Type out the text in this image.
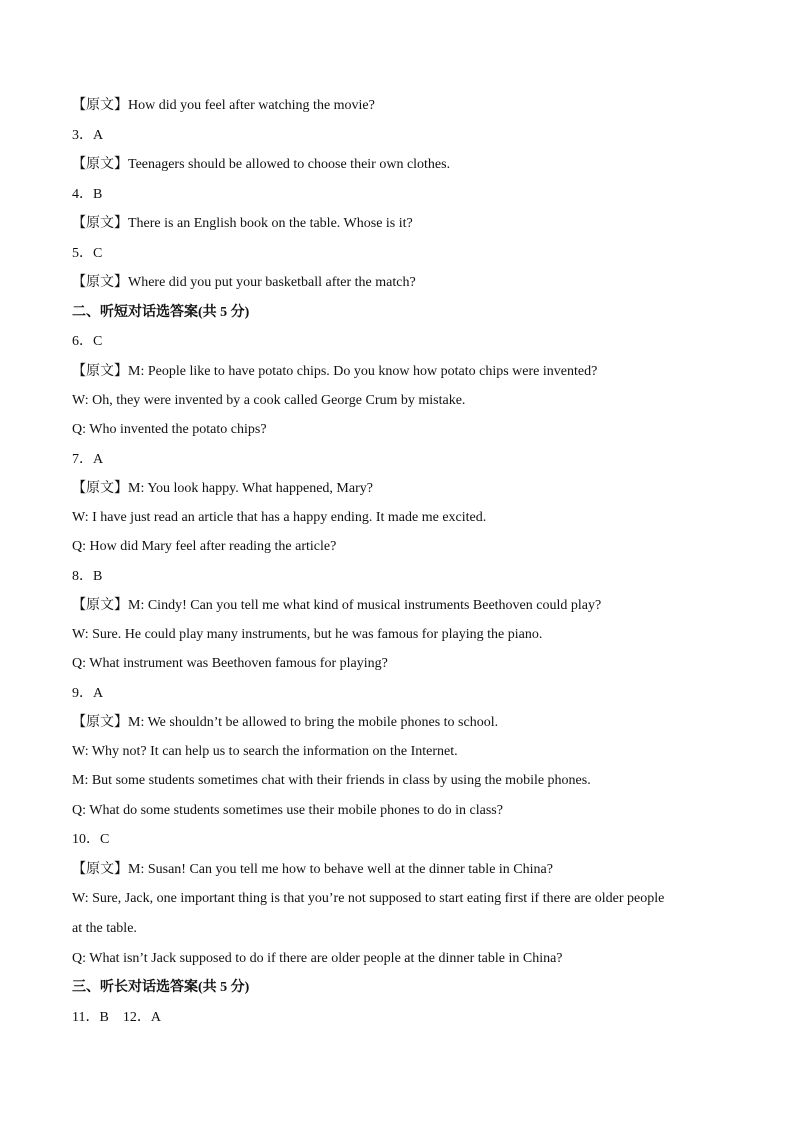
【原文】How did you feel after watching the movie?
3．A
【原文】Teenagers should be allowed to choose their own clothes.
4．B
【原文】There is an English book on the table. Whose is it?
5．C
【原文】Where did you put your basketball after the match?
二、听短对话选答案(共 5 分)
6．C
【原文】M: People like to have potato chips. Do you know how potato chips were invented?
W: Oh, they were invented by a cook called George Crum by mistake.
Q: Who invented the potato chips?
7．A
【原文】M: You look happy. What happened, Mary?
W: I have just read an article that has a happy ending. It made me excited.
Q: How did Mary feel after reading the article?
8．B
【原文】M: Cindy! Can you tell me what kind of musical instruments Beethoven could play?
W: Sure. He could play many instruments, but he was famous for playing the piano.
Q: What instrument was Beethoven famous for playing?
9．A
【原文】M: We shouldn’t be allowed to bring the mobile phones to school.
W: Why not? It can help us to search the information on the Internet.
M: But some students sometimes chat with their friends in class by using the mobile phones.
Q: What do some students sometimes use their mobile phones to do in class?
10．C
【原文】M: Susan! Can you tell me how to behave well at the dinner table in China?
W: Sure, Jack, one important thing is that you’re not supposed to start eating first if there are older people
at the table.
Q: What isn’t Jack supposed to do if there are older people at the dinner table in China?
三、听长对话选答案(共 5 分)
11．B 12．A
